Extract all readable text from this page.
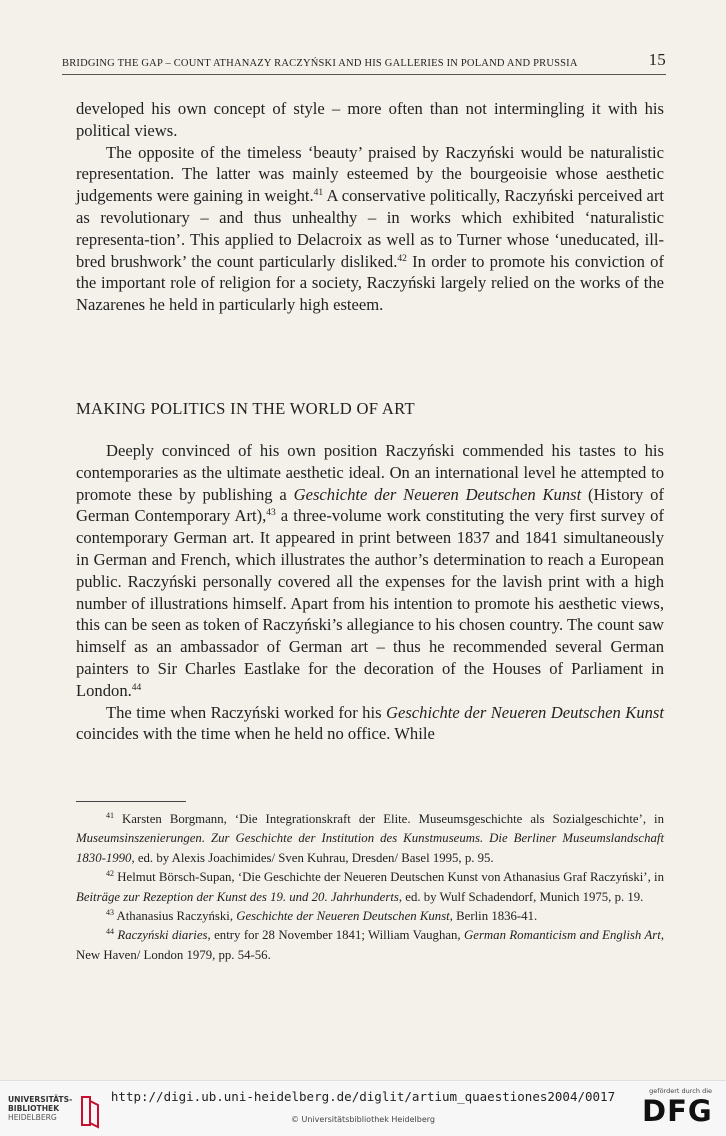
BRIDGING THE GAP – COUNT ATHANAZY RACZYŃSKI AND HIS GALLERIES IN POLAND AND PRUSSIA	15

developed his own concept of style – more often than not intermingling it with his political views.

The opposite of the timeless ‘beauty’ praised by Raczyński would be naturalistic representation. The latter was mainly esteemed by the bourgeoisie whose aesthetic judgements were gaining in weight.$^{41}$ A conservative politically, Raczyński perceived art as revolutionary – and thus unhealthy – in works which exhibited ‘naturalistic representa-tion’. This applied to Delacroix as well as to Turner whose ‘uneducated, ill-bred brushwork’ the count particularly disliked.$^{42}$ In order to promote his conviction of the important role of religion for a society, Raczyński largely relied on the works of the Nazarenes he held in particularly high esteem.

MAKING POLITICS IN THE WORLD OF ART

Deeply convinced of his own position Raczyński commended his tastes to his contemporaries as the ultimate aesthetic ideal. On an international level he attempted to promote these by publishing a Geschichte der Neueren Deutschen Kunst (History of German Contemporary Art),$^{43}$ a three-volume work constituting the very first survey of contemporary German art. It appeared in print between 1837 and 1841 simultaneously in German and French, which illustrates the author’s determination to reach a European public. Raczyński personally covered all the expenses for the lavish print with a high number of illustrations himself. Apart from his intention to promote his aesthetic views, this can be seen as token of Raczyński’s allegiance to his chosen country. The count saw himself as an ambassador of German art – thus he recommended several German painters to Sir Charles Eastlake for the decoration of the Houses of Parliament in London.$^{44}$

The time when Raczyński worked for his Geschichte der Neueren Deutschen Kunst coincides with the time when he held no office. While

$^{41}$ Karsten Borgmann, ‘Die Integrationskraft der Elite. Museumsgeschichte als Sozialgeschichte’, in Museumsinszenierungen. Zur Geschichte der Institution des Kunstmuseums. Die Berliner Museumslandschaft 1830-1990, ed. by Alexis Joachimides/ Sven Kuhrau, Dresden/ Basel 1995, p. 95.

$^{42}$ Helmut Börsch-Supan, ‘Die Geschichte der Neueren Deutschen Kunst von Athanasius Graf Raczyński’, in Beiträge zur Rezeption der Kunst des 19. und 20. Jahrhunderts, ed. by Wulf Schadendorf, Munich 1975, p. 19.

$^{43}$ Athanasius Raczyński, Geschichte der Neueren Deutschen Kunst, Berlin 1836-41.

$^{44}$ Raczyński diaries, entry for 28 November 1841; William Vaughan, German Romanticism and English Art, New Haven/ London 1979, pp. 54-56.

UNIVERSITÄTS-
BIBLIOTHEK
HEIDELBERG
http://digi.ub.uni-heidelberg.de/diglit/artium_quaestiones2004/0017
© Universitätsbibliothek Heidelberg
gefördert durch die
DFG
